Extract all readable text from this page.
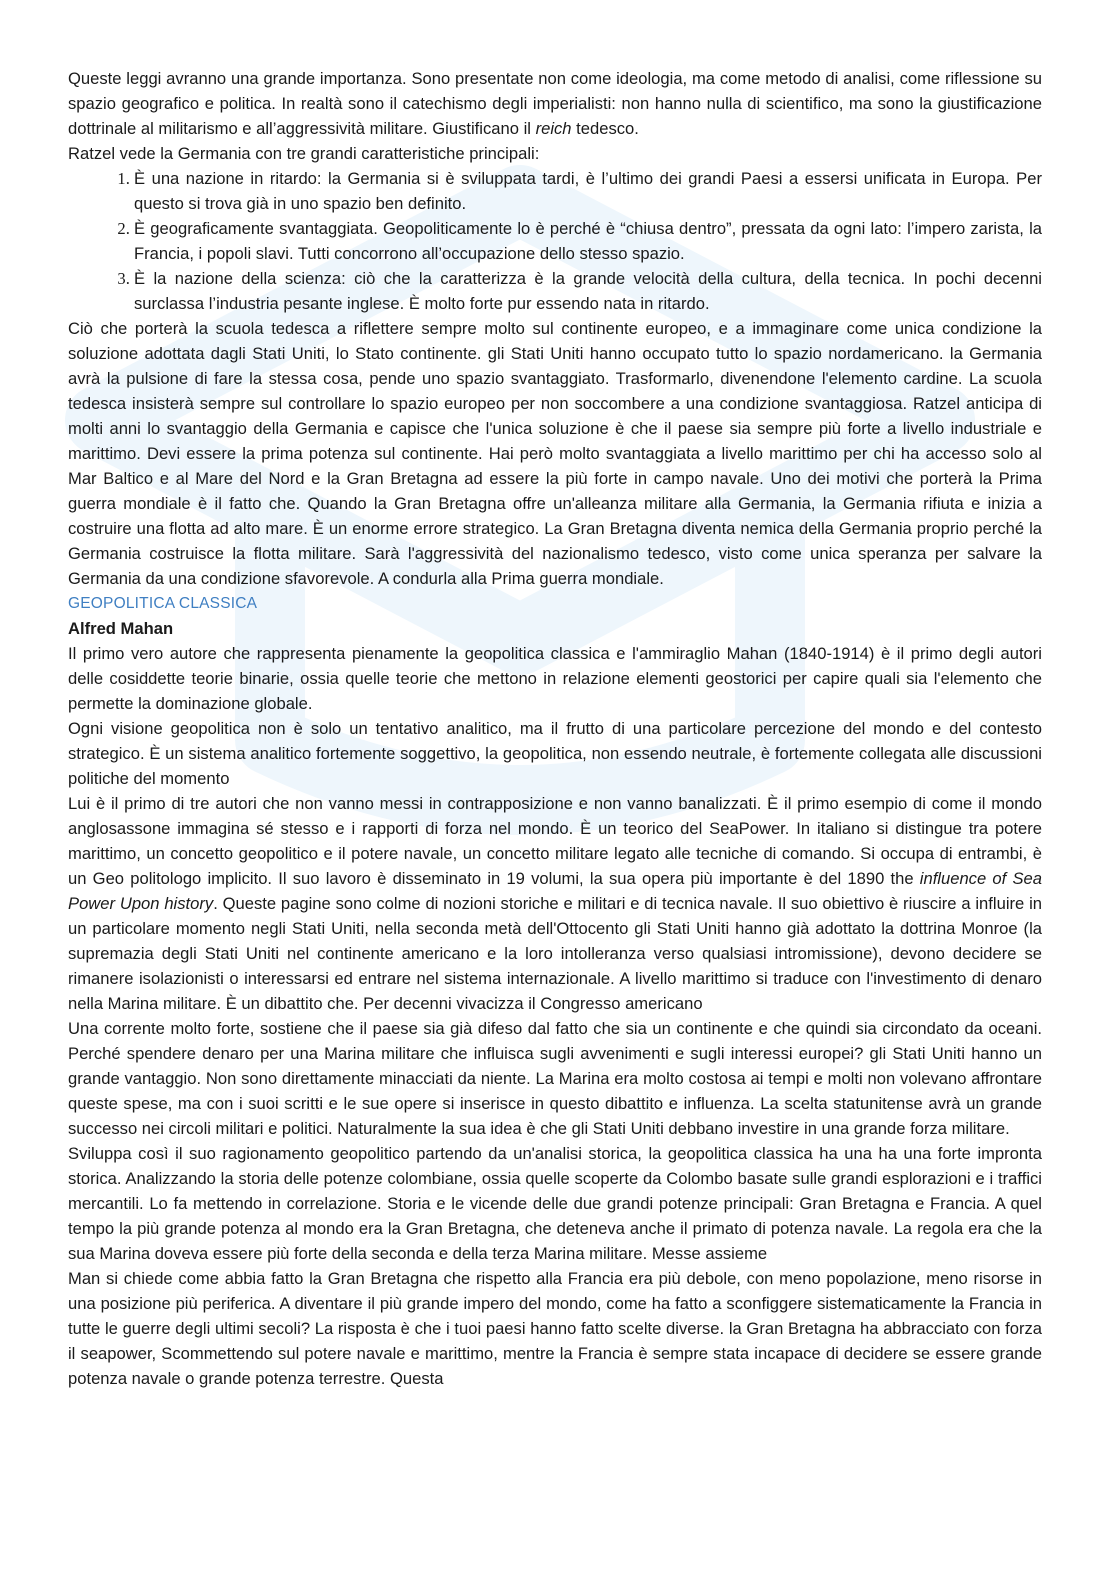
Queste leggi avranno una grande importanza. Sono presentate non come ideologia, ma come metodo di analisi, come riflessione su spazio geografico e politica. In realtà sono il catechismo degli imperialisti: non hanno nulla di scientifico, ma sono la giustificazione dottrinale al militarismo e all’aggressività militare. Giustificano il reich tedesco.

Ratzel vede la Germania con tre grandi caratteristiche principali:

1. È una nazione in ritardo: la Germania si è sviluppata tardi, è l’ultimo dei grandi Paesi a essersi unificata in Europa. Per questo si trova già in uno spazio ben definito.
2. È geograficamente svantaggiata. Geopoliticamente lo è perché è “chiusa dentro”, pressata da ogni lato: l’impero zarista, la Francia, i popoli slavi. Tutti concorrono all’occupazione dello stesso spazio.
3. È la nazione della scienza: ciò che la caratterizza è la grande velocità della cultura, della tecnica. In pochi decenni surclassa l’industria pesante inglese. È molto forte pur essendo nata in ritardo.

Ciò che porterà la scuola tedesca a riflettere sempre molto sul continente europeo, e a immaginare come unica condizione la soluzione adottata dagli Stati Uniti, lo Stato continente. gli Stati Uniti hanno occupato tutto lo spazio nordamericano. la Germania avrà la pulsione di fare la stessa cosa, pende uno spazio svantaggiato. Trasformarlo, divenendone l'elemento cardine. La scuola tedesca insisterà sempre sul controllare lo spazio europeo per non soccombere a una condizione svantaggiosa. Ratzel anticipa di molti anni lo svantaggio della Germania e capisce che l'unica soluzione è che il paese sia sempre più forte a livello industriale e marittimo. Devi essere la prima potenza sul continente. Hai però molto svantaggiata a livello marittimo per chi ha accesso solo al Mar Baltico e al Mare del Nord e la Gran Bretagna ad essere la più forte in campo navale. Uno dei motivi che porterà la Prima guerra mondiale è il fatto che. Quando la Gran Bretagna offre un'alleanza militare alla Germania, la Germania rifiuta e inizia a costruire una flotta ad alto mare. È un enorme errore strategico. La Gran Bretagna diventa nemica della Germania proprio perché la Germania costruisce la flotta militare. Sarà l'aggressività del nazionalismo tedesco, visto come unica speranza per salvare la Germania da una condizione sfavorevole. A condurla alla Prima guerra mondiale.

GEOPOLITICA CLASSICA

Alfred Mahan

Il primo vero autore che rappresenta pienamente la geopolitica classica e l'ammiraglio Mahan (1840-1914) è il primo degli autori delle cosiddette teorie binarie, ossia quelle teorie che mettono in relazione elementi geostorici per capire quali sia l'elemento che permette la dominazione globale.

Ogni visione geopolitica non è solo un tentativo analitico, ma il frutto di una particolare percezione del mondo e del contesto strategico. È un sistema analitico fortemente soggettivo, la geopolitica, non essendo neutrale, è fortemente collegata alle discussioni politiche del momento

Lui è il primo di tre autori che non vanno messi in contrapposizione e non vanno banalizzati. È il primo esempio di come il mondo anglosassone immagina sé stesso e i rapporti di forza nel mondo. È un teorico del SeaPower. In italiano si distingue tra potere marittimo, un concetto geopolitico e il potere navale, un concetto militare legato alle tecniche di comando. Si occupa di entrambi, è un Geo politologo implicito. Il suo lavoro è disseminato in 19 volumi, la sua opera più importante è del 1890 the influence of Sea Power Upon history. Queste pagine sono colme di nozioni storiche e militari e di tecnica navale. Il suo obiettivo è riuscire a influire in un particolare momento negli Stati Uniti, nella seconda metà dell'Ottocento gli Stati Uniti hanno già adottato la dottrina Monroe (la supremazia degli Stati Uniti nel continente americano e la loro intolleranza verso qualsiasi intromissione), devono decidere se rimanere isolazionisti o interessarsi ed entrare nel sistema internazionale. A livello marittimo si traduce con l'investimento di denaro nella Marina militare. È un dibattito che. Per decenni vivacizza il Congresso americano

Una corrente molto forte, sostiene che il paese sia già difeso dal fatto che sia un continente e che quindi sia circondato da oceani. Perché spendere denaro per una Marina militare che influisca sugli avvenimenti e sugli interessi europei? gli Stati Uniti hanno un grande vantaggio. Non sono direttamente minacciati da niente. La Marina era molto costosa ai tempi e molti non volevano affrontare queste spese, ma con i suoi scritti e le sue opere si inserisce in questo dibattito e influenza. La scelta statunitense avrà un grande successo nei circoli militari e politici. Naturalmente la sua idea è che gli Stati Uniti debbano investire in una grande forza militare.

Sviluppa così il suo ragionamento geopolitico partendo da un'analisi storica, la geopolitica classica ha una ha una forte impronta storica. Analizzando la storia delle potenze colombiane, ossia quelle scoperte da Colombo basate sulle grandi esplorazioni e i traffici mercantili. Lo fa mettendo in correlazione. Storia e le vicende delle due grandi potenze principali: Gran Bretagna e Francia. A quel tempo la più grande potenza al mondo era la Gran Bretagna, che deteneva anche il primato di potenza navale. La regola era che la sua Marina doveva essere più forte della seconda e della terza Marina militare. Messe assieme

Man si chiede come abbia fatto la Gran Bretagna che rispetto alla Francia era più debole, con meno popolazione, meno risorse in una posizione più periferica. A diventare il più grande impero del mondo, come ha fatto a sconfiggere sistematicamente la Francia in tutte le guerre degli ultimi secoli? La risposta è che i tuoi paesi hanno fatto scelte diverse. la Gran Bretagna ha abbracciato con forza il seapower, Scommettendo sul potere navale e marittimo, mentre la Francia è sempre stata incapace di decidere se essere grande potenza navale o grande potenza terrestre. Questa
